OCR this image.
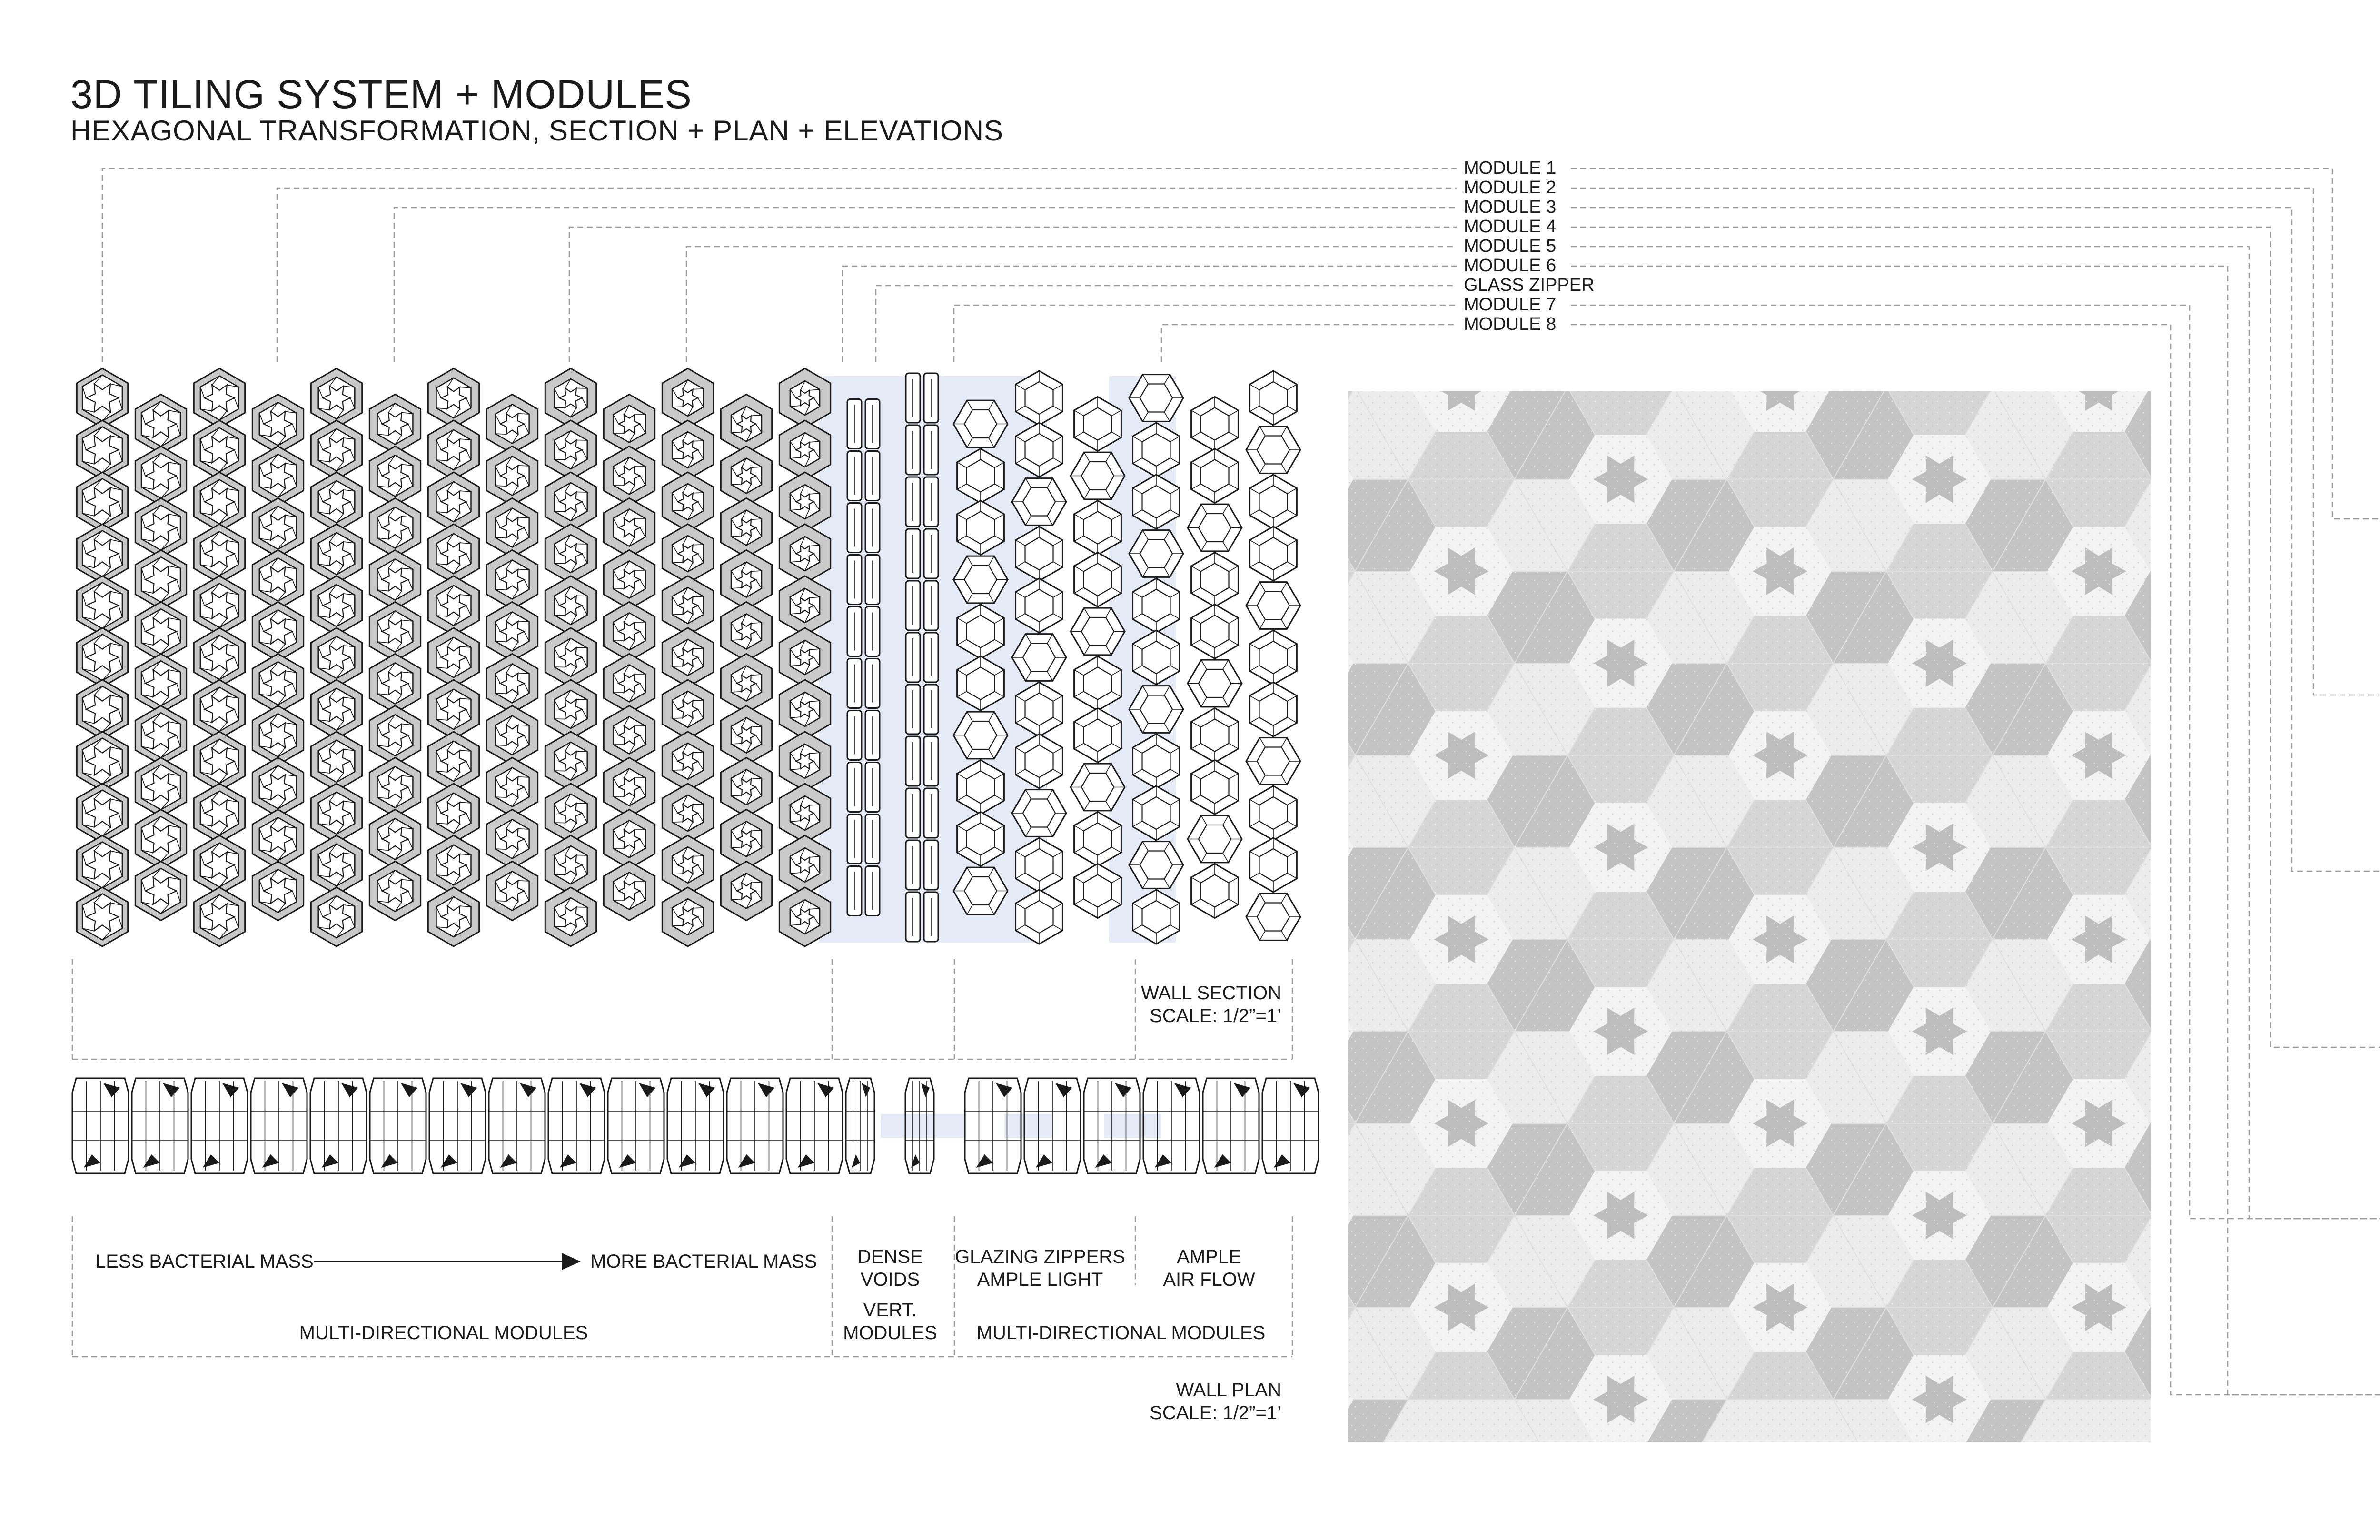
3D TILING SYSTEM + MODULES
HEXAGONAL TRANSFORMATION, SECTION + PLAN + ELEVATIONS
MODULE 1
MODULE 2
MODULE 3
MODULE 4
MODULE 5
MODULE 6
GLASS ZIPPER
MODULE 7
MODULE 8
WALL SECTION
SCALE: 1/2”=1’
WALL PLAN
SCALE: 1/2”=1’
LESS BACTERIAL MASS	MORE BACTERIAL MASS	DENSE
VOIDS
GLAZING ZIPPERS
AMPLE LIGHT
AMPLE
AIR FLOW
VERT.
MULTI-DIRECTIONAL MODULES	MODULES	MULTI-DIRECTIONAL MODULES
